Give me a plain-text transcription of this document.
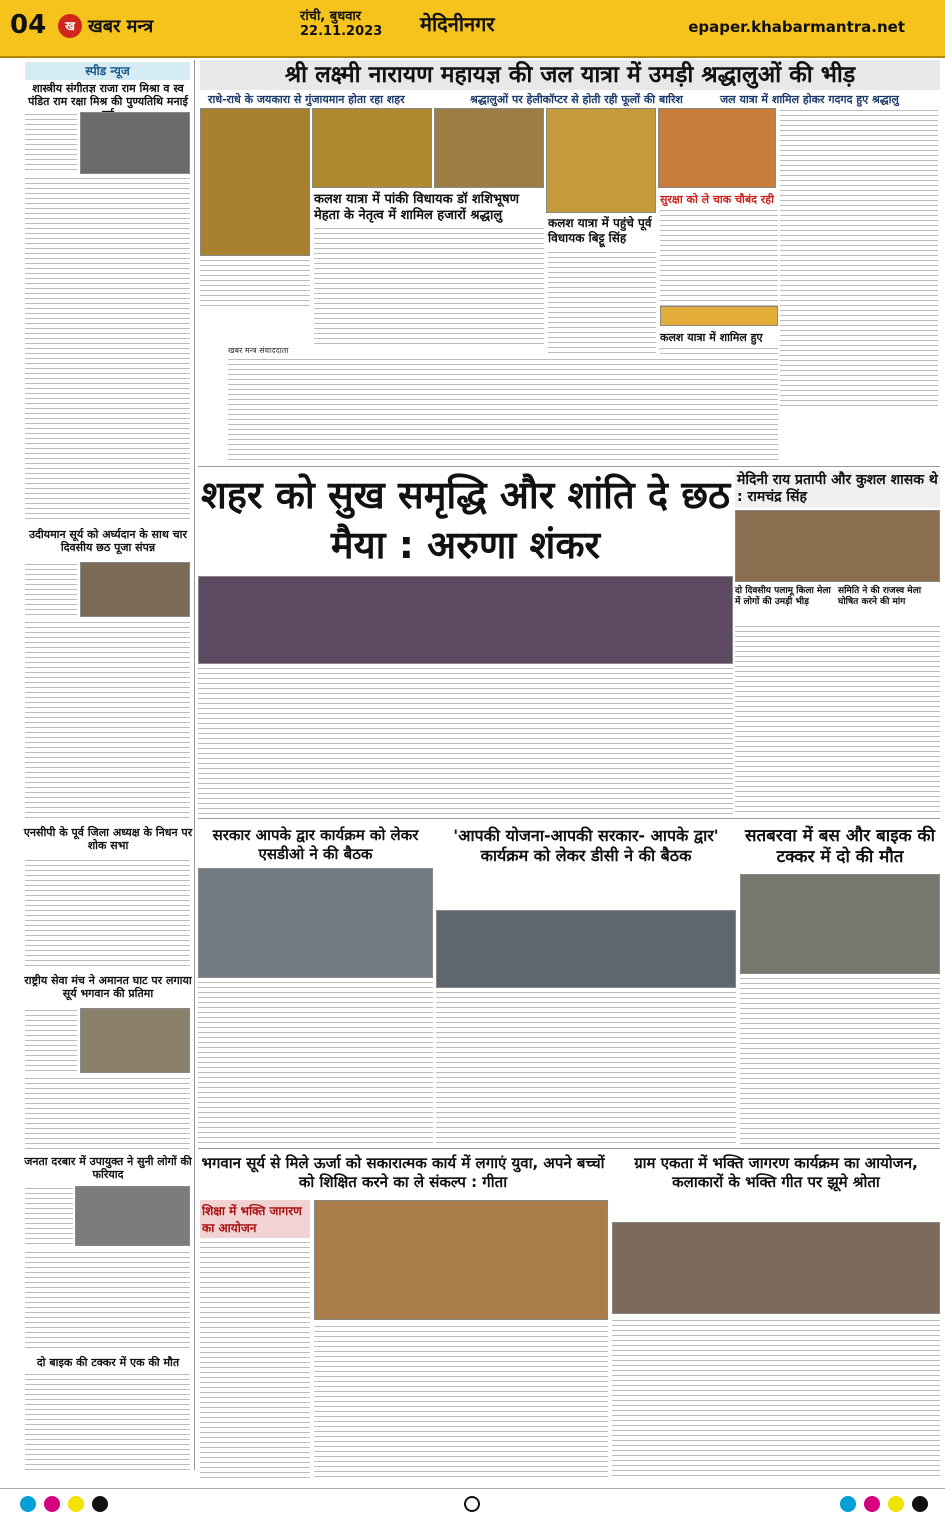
04	ख खबर मन्त्र	रांची, बुधवार
22.11.2023 मेदिनीनगर	epaper.khabarmantra.net
स्पीड न्यूज
शास्त्रीय संगीतज्ञ राजा राम मिश्रा व स्व पंडित राम रक्षा मिश्र की पुण्यतिथि मनाई
उदीयमान सूर्य को अर्घ्यदान के साथ चार दिवसीय छठ पूजा संपन्न
एनसीपी के पूर्व जिला अध्यक्ष के निधन पर शोक सभा
राष्ट्रीय सेवा मंच ने अमानत घाट पर लगाया सूर्य भगवान की प्रतिमा
जनता दरबार में उपायुक्त ने सुनी लोगों की फरियाद
दो बाइक की टक्कर में एक की मौत
श्री लक्ष्मी नारायण महायज्ञ की जल यात्रा में उमड़ी श्रद्धालुओं की भीड़
राधे-राधे के जयकारा से गुंजायमान होता रहा शहर	श्रद्धालुओं पर हेलीकॉप्टर से होती रही फूलों की बारिश	जल यात्रा में शामिल होकर गदगद हुए श्रद्धालु
कलश यात्रा में पांकी विधायक डॉ शशिभूषण मेहता के नेतृत्व में शामिल हजारों श्रद्धालु	कलश यात्रा में पहुंचे पूर्व विधायक बिट्टू सिंह
सुरक्षा को ले चाक चौबंद रही
कलश यात्रा में शामिल हुए
खबर मन्त्र संवाददाता
शहर को सुख समृद्धि और शांति दे छठ मैया : अरुणा शंकर
मेदिनी राय प्रतापी और कुशल शासक थे : रामचंद्र सिंह
दो दिवसीय पलामू किला मेला में लोगों की उमड़ी भीड़
समिति ने की राजस्व मेला घोषित करने की मांग
सरकार आपके द्वार कार्यक्रम को लेकर एसडीओ ने की बैठक
'आपकी योजना-आपकी सरकार- आपके द्वार' कार्यक्रम को लेकर डीसी ने की बैठक
सतबरवा में बस और बाइक की टक्कर में दो की मौत
भगवान सूर्य से मिले ऊर्जा को सकारात्मक कार्य में लगाएं युवा, अपने बच्चों को शिक्षित करने का ले संकल्प : गीता
शिक्षा में भक्ति जागरण का आयोजन
ग्राम एकता में भक्ति जागरण कार्यक्रम का आयोजन, कलाकारों के भक्ति गीत पर झूमे श्रोता
